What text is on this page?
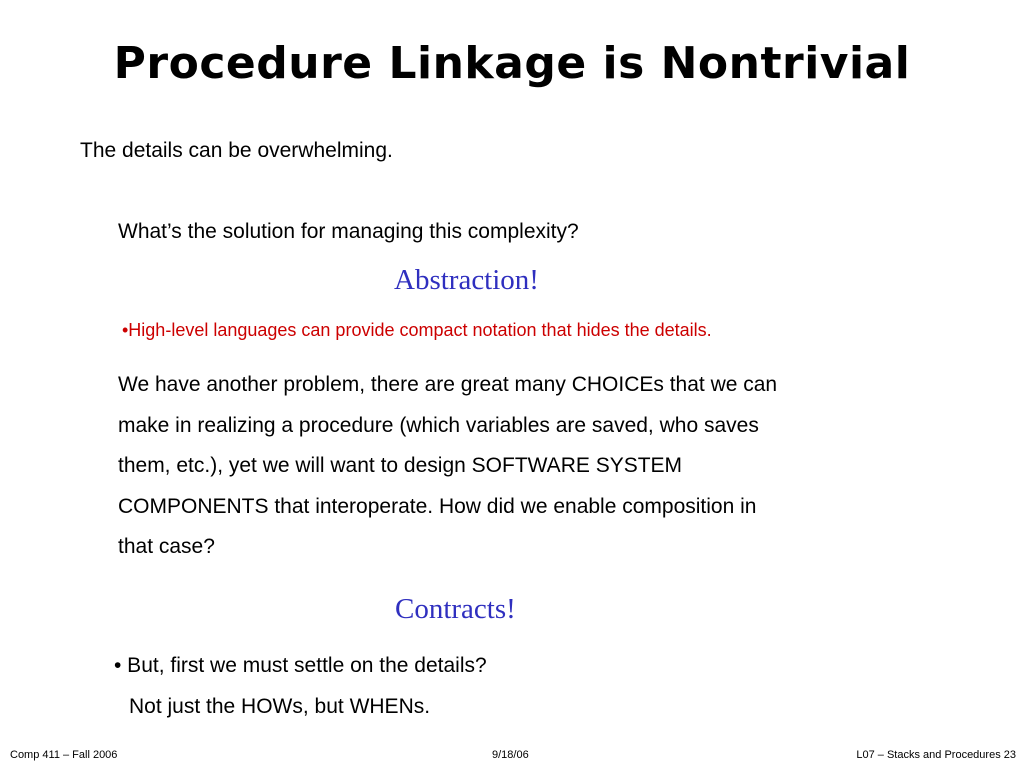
Procedure Linkage is Nontrivial
The details can be overwhelming.
What’s the solution for managing this complexity?
Abstraction!
•High-level languages can provide compact notation that hides the details.
We have another problem, there are great many CHOICEs that we can
make in realizing a procedure (which variables are saved, who saves
them, etc.), yet we will want to design SOFTWARE SYSTEM
COMPONENTS that interoperate. How did we enable composition in
that case?
Contracts!
• But, first we must settle on the details?
Not just the HOWs, but WHENs.
Comp 411 – Fall 2006	9/18/06	L07 – Stacks and Procedures 23
